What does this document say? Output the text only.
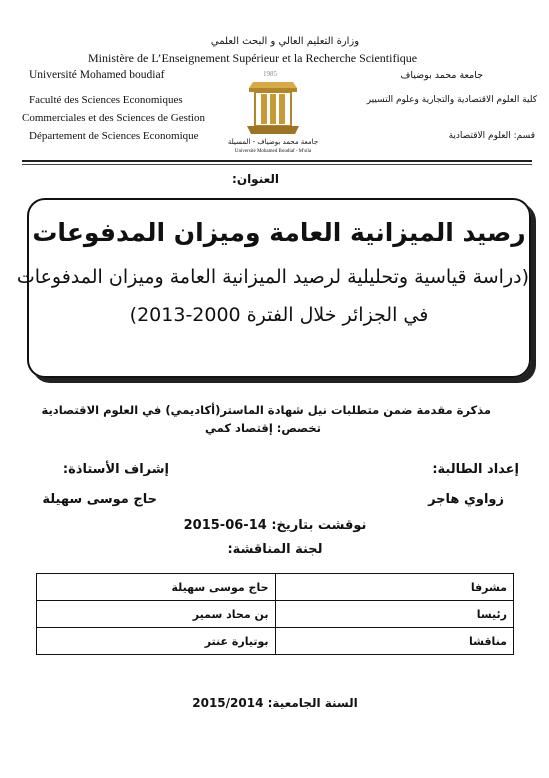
وزارة التعليم العالي و البحث العلمي
Ministère de L’Enseignement Supérieur et la Recherche Scientifique
Université Mohamed boudiaf	جامعة محمد بوضياف
Faculté des Sciences Economiques
Commerciales et des Sciences de Gestion
Département de Sciences Economique
كلية العلوم الاقتصادية والتجارية وعلوم التسيير
قسم: العلوم الاقتصادية
1985
جامعة محمد بوضياف - المسيلة
Université Mohamed Boudiaf - M'sila
العنوان:
رصيد الميزانية العامة وميزان المدفوعات
(دراسة قياسية وتحليلية لرصيد الميزانية العامة وميزان المدفوعات
في الجزائر خلال الفترة 2000-2013)
مذكرة مقدمة ضمن متطلبات نيل شهادة الماستر(أكاديمي) في العلوم الاقتصادية
تخصص: إقتصاد كمي
إعداد الطالبة:
إشراف الأستاذة:
زواوي هاجر
حاج موسى سهيلة
نوقشت بتاريخ: 14-06-2015
لجنة المناقشة:
حاج موسى سهيلة	مشرفا
بن محاد سمير	رئيسا
بوتيارة عنتر	مناقشا
السنة الجامعية: 2015/2014
